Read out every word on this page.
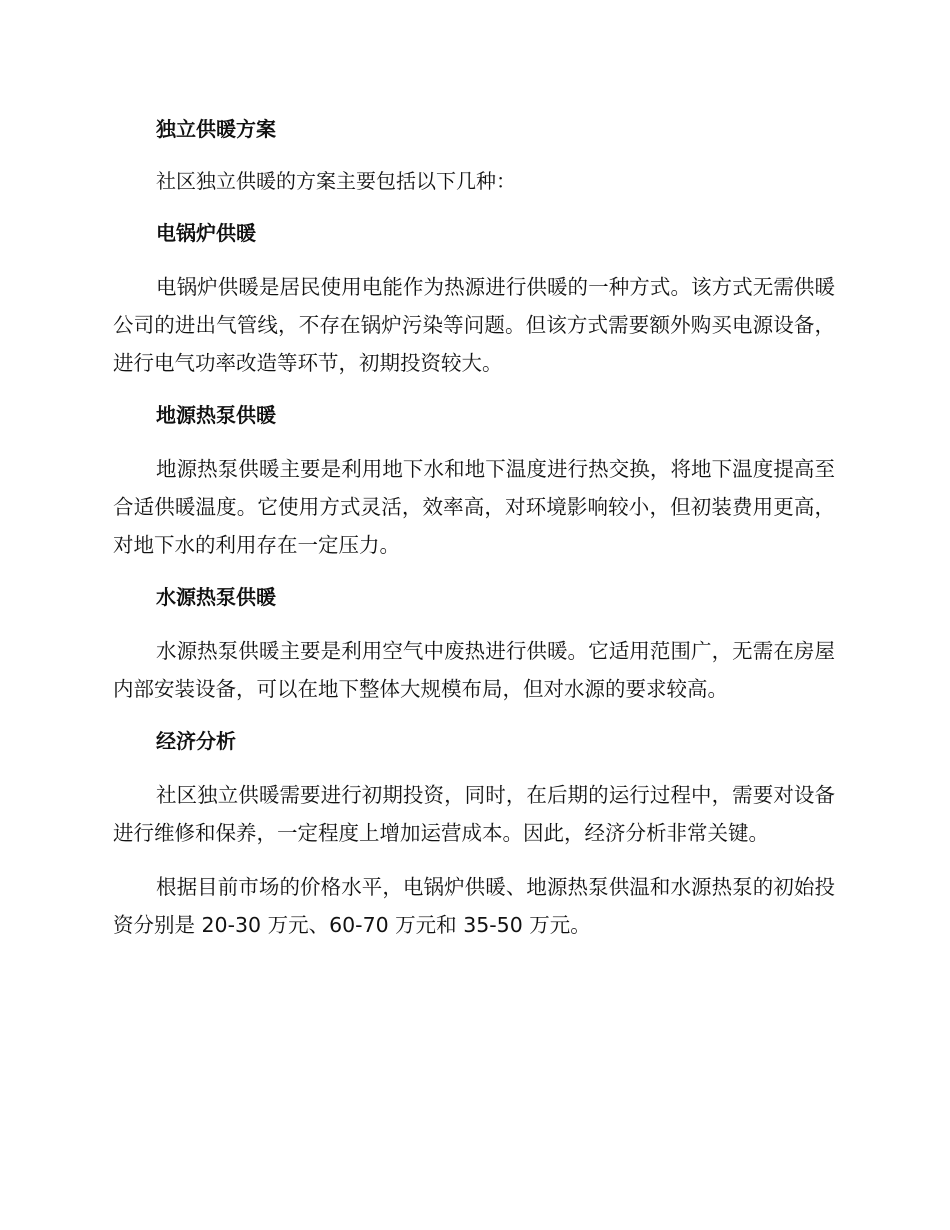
独立供暖方案
社区独立供暖的方案主要包括以下几种：
电锅炉供暖

电锅炉供暖是居民使用电能作为热源进行供暖的一种方式。该方式无需供暖公司的进出气管线，不存在锅炉污染等问题。但该方式需要额外购买电源设备，进行电气功率改造等环节，初期投资较大。

地源热泵供暖

地源热泵供暖主要是利用地下水和地下温度进行热交换，将地下温度提高至合适供暖温度。它使用方式灵活，效率高，对环境影响较小，但初装费用更高，对地下水的利用存在一定压力。

水源热泵供暖

水源热泵供暖主要是利用空气中废热进行供暖。它适用范围广，无需在房屋内部安装设备，可以在地下整体大规模布局，但对水源的要求较高。

经济分析

社区独立供暖需要进行初期投资，同时，在后期的运行过程中，需要对设备进行维修和保养，一定程度上增加运营成本。因此，经济分析非常关键。

根据目前市场的价格水平，电锅炉供暖、地源热泵供温和水源热泵的初始投资分别是 20-30 万元、60-70 万元和 35-50 万元。
